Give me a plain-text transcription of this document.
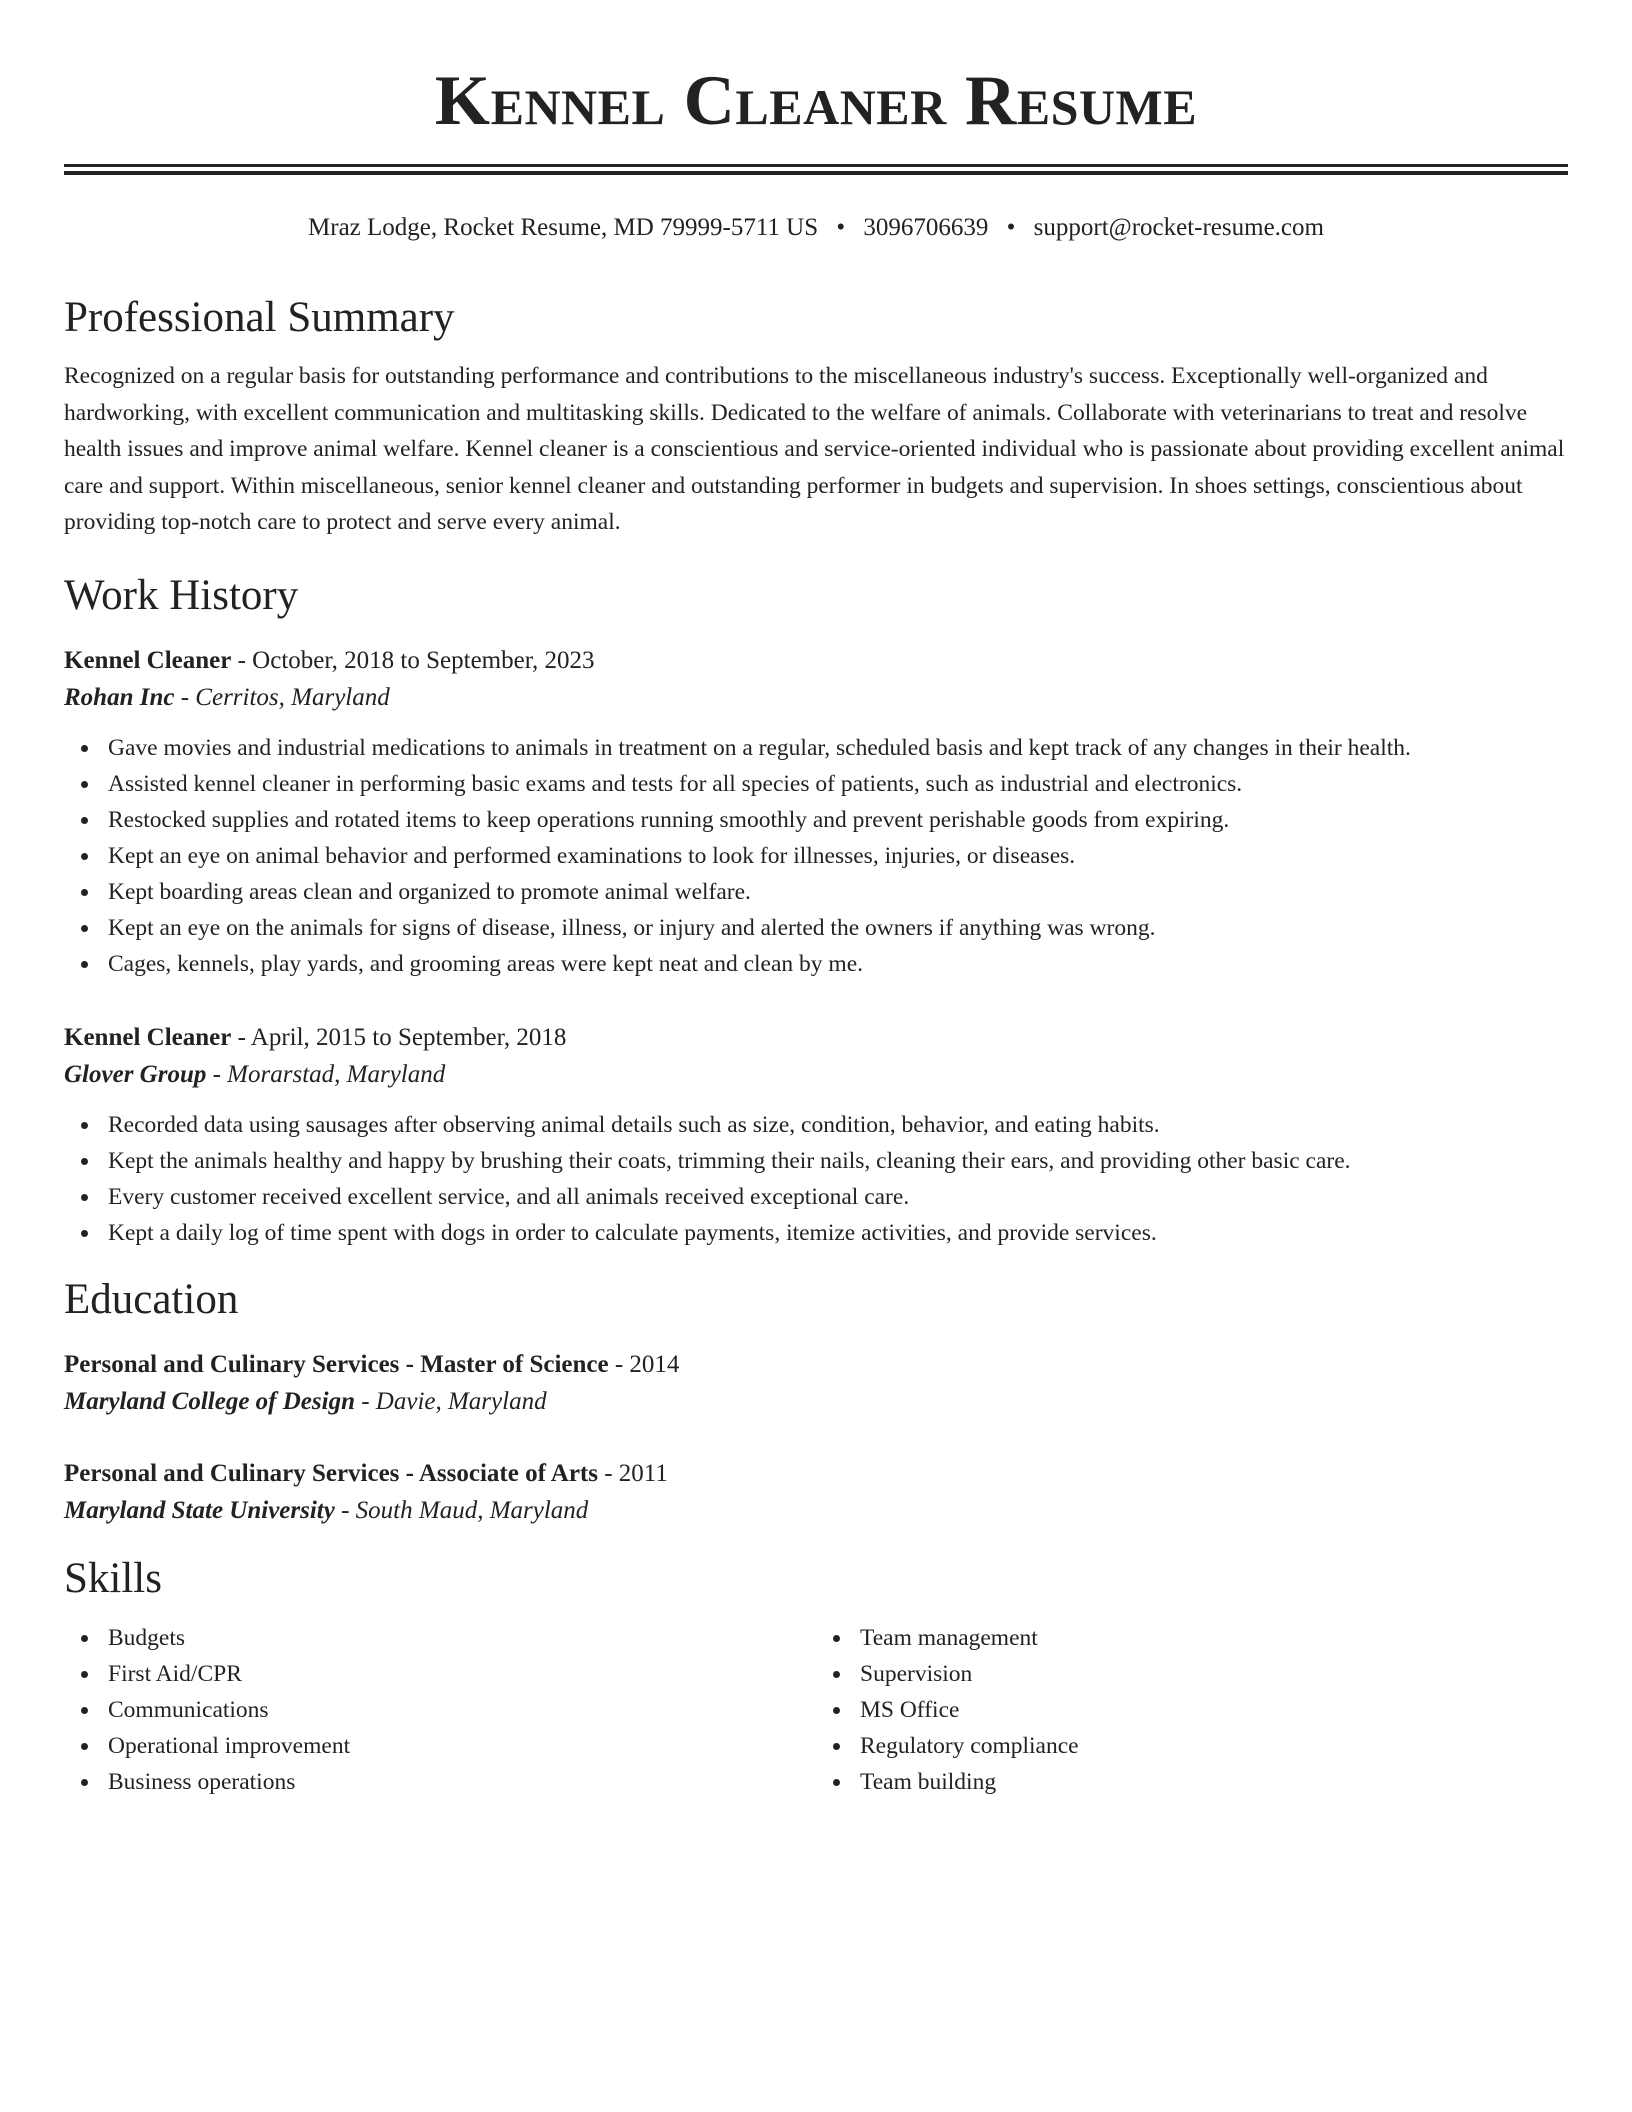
Kennel Cleaner Resume
Mraz Lodge, Rocket Resume, MD 79999-5711 US • 3096706639 • support@rocket-resume.com
Professional Summary

Recognized on a regular basis for outstanding performance and contributions to the miscellaneous industry's success. Exceptionally well-organized and hardworking, with excellent communication and multitasking skills. Dedicated to the welfare of animals. Collaborate with veterinarians to treat and resolve health issues and improve animal welfare. Kennel cleaner is a conscientious and service-oriented individual who is passionate about providing excellent animal care and support. Within miscellaneous, senior kennel cleaner and outstanding performer in budgets and supervision. In shoes settings, conscientious about providing top-notch care to protect and serve every animal.

Work History
Kennel Cleaner - October, 2018 to September, 2023
Rohan Inc - Cerritos, Maryland
Gave movies and industrial medications to animals in treatment on a regular, scheduled basis and kept track of any changes in their health.
Assisted kennel cleaner in performing basic exams and tests for all species of patients, such as industrial and electronics.
Restocked supplies and rotated items to keep operations running smoothly and prevent perishable goods from expiring.
Kept an eye on animal behavior and performed examinations to look for illnesses, injuries, or diseases.
Kept boarding areas clean and organized to promote animal welfare.
Kept an eye on the animals for signs of disease, illness, or injury and alerted the owners if anything was wrong.
Cages, kennels, play yards, and grooming areas were kept neat and clean by me.
Kennel Cleaner - April, 2015 to September, 2018
Glover Group - Morarstad, Maryland
Recorded data using sausages after observing animal details such as size, condition, behavior, and eating habits.
Kept the animals healthy and happy by brushing their coats, trimming their nails, cleaning their ears, and providing other basic care.
Every customer received excellent service, and all animals received exceptional care.
Kept a daily log of time spent with dogs in order to calculate payments, itemize activities, and provide services.
Education
Personal and Culinary Services - Master of Science - 2014
Maryland College of Design - Davie, Maryland
Personal and Culinary Services - Associate of Arts - 2011
Maryland State University - South Maud, Maryland
Skills
Budgets
First Aid/CPR
Communications
Operational improvement
Business operations
Team management
Supervision
MS Office
Regulatory compliance
Team building
